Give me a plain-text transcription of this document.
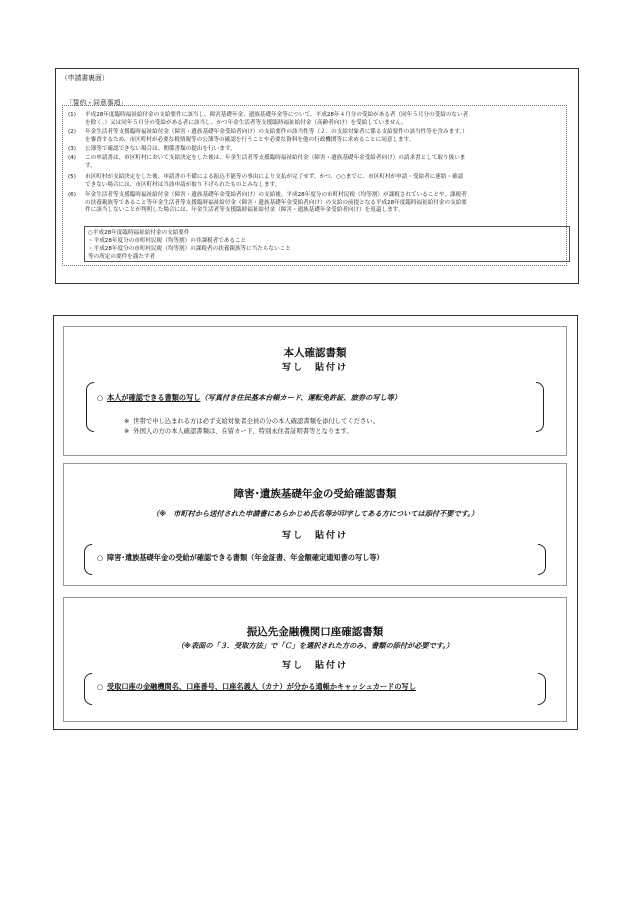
（申請書裏面）
「誓約・同意事項」
(1)	平成28年度臨時福祉給付金の支給要件に該当し、障害基礎年金、遺族基礎年金等について、平成28年４月分の受給がある者（同年５月分の受給のない者
を除く。）又は同年５月分の受給がある者に該当し、かつ年金生活者等支援臨時福祉給付金（高齢者向け）を受給していません。
(2)	年金生活者等支援臨時福祉給付金（障害・遺族基礎年金受給者向け）の支給要件の該当性等（２．の支給対象者に係る支給要件の該当性等を含みます。）
を審査するため、市区町村が必要な税情報等の公簿等の確認を行うことや必要な資料を他の行政機関等に求めることに同意します。
(3)	公簿等で確認できない場合は、関係書類の提出を行います。
(4)	この申請書は、市区町村において支給決定をした後は、年金生活者等支援臨時福祉給付金（障害・遺族基礎年金受給者向け）の請求書として取り扱いま
す。
(5)	市区町村が支給決定をした後、申請書の不備による振込不能等の事由により支払が完了せず、かつ、○○までに、市区町村が申請・受給者に連絡・確認
できない場合には、市区町村は当該申請が取り下げられたものとみなします。
(6)	年金生活者等支援臨時福祉給付金（障害・遺族基礎年金受給者向け）の支給後、平成28年度分の市町村民税（均等割）が課税されていることや、課税者
の扶養親族等であること等年金生活者等支援臨時福祉給付金（障害・遺族基礎年金受給者向け）の支給の前提となる平成28年度臨時福祉給付金の支給要
件に該当しないことが判明した場合には、年金生活者等支援臨時福祉給付金（障害・遺族基礎年金受給者向け）を返還します。
○平成28年度臨時福祉給付金の支給要件
・平成28年度分の市町村民税（均等割）の非課税者であること
・平成28年度分の市町村民税（均等割）の課税者の扶養親族等に当たらないこと
等の所定の要件を満たす者
本人確認書類
写し　貼付け
○ 本人が確認できる書類の写し（写真付き住民基本台帳カード、運転免許証、旅券の写し等）
※ 世帯で申し込まれる方は必ず支給対象者全員の分の本人確認書類を添付してください。
※ 外国人の方の本人確認書類は、在留カード、特別永住者証明書等となります。
障害･遺族基礎年金の受給確認書類
（※　市町村から送付された申請書にあらかじめ氏名等が印字してある方については添付不要です。）
写し　貼付け
○ 障害･遺族基礎年金の受給が確認できる書類（年金証書、年金額確定通知書の写し等）
振込先金融機関口座確認書類
（※表面の「３．受取方法」で「Ｃ」を選択された方のみ、書類の添付が必要です。）
写し　貼付け
○ 受取口座の金融機関名、口座番号、口座名義人（カナ）が分かる通帳かキャッシュカードの写し
